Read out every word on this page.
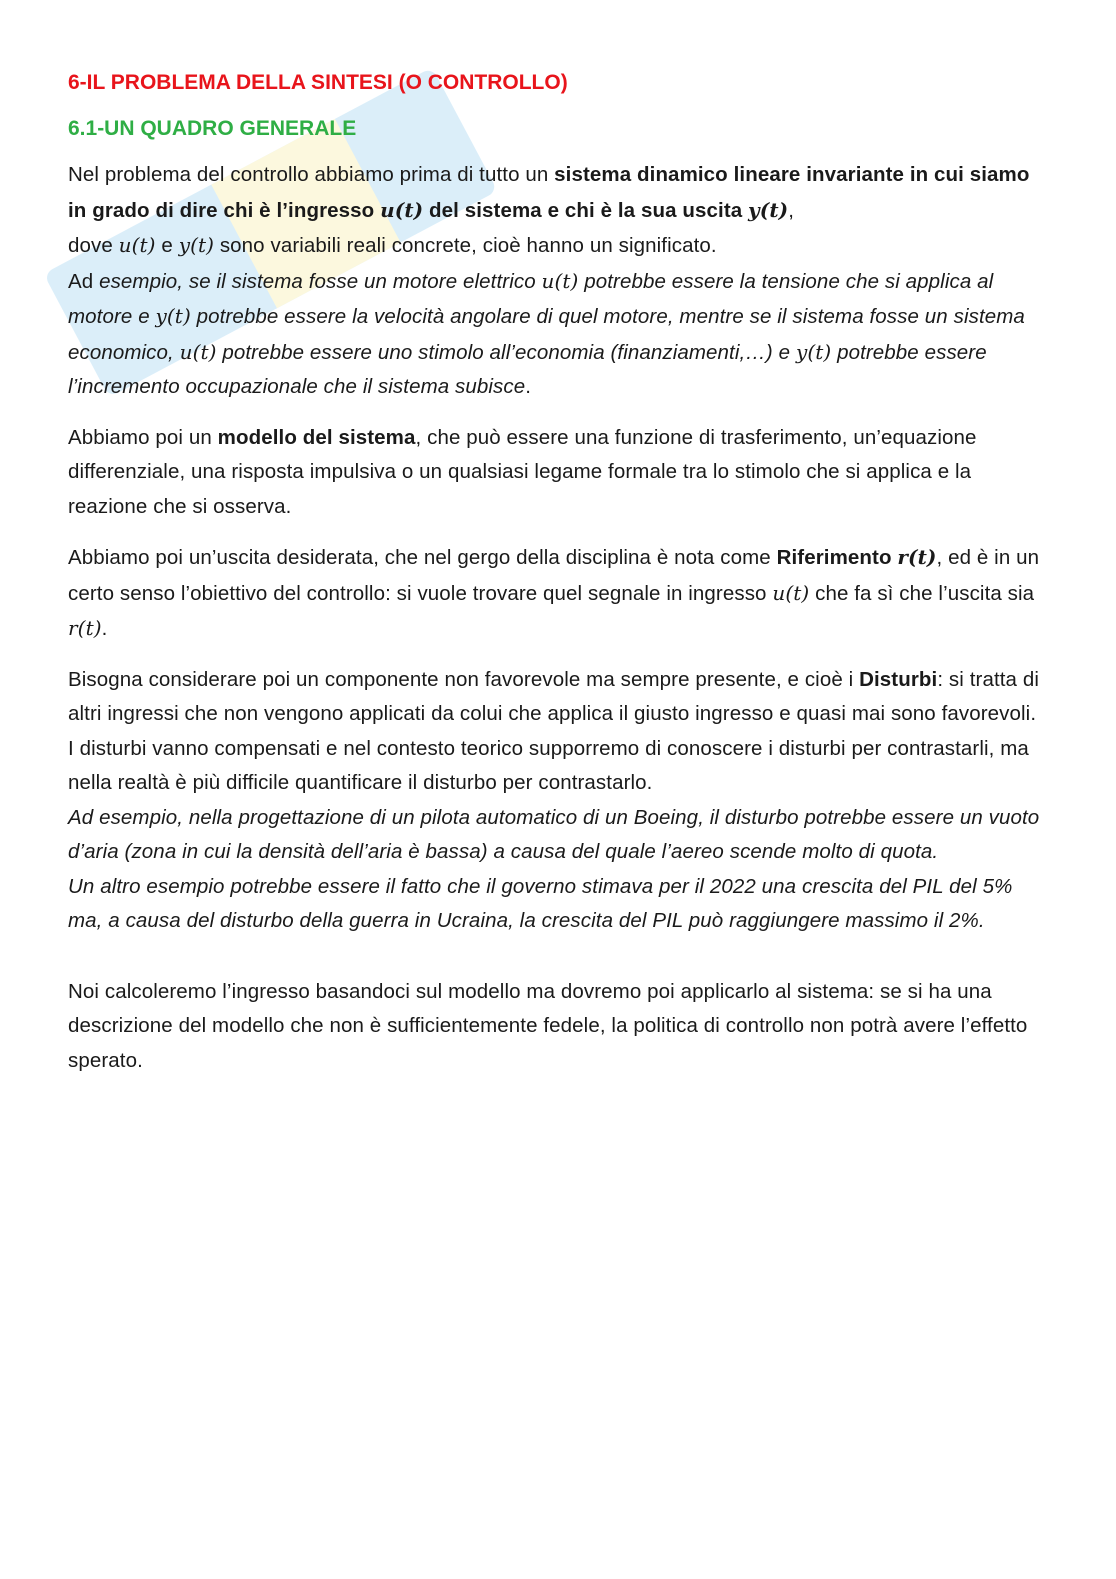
6-IL PROBLEMA DELLA SINTESI (O CONTROLLO)
6.1-UN QUADRO GENERALE

Nel problema del controllo abbiamo prima di tutto un sistema dinamico lineare invariante in cui siamo in grado di dire chi è l’ingresso u(t) del sistema e chi è la sua uscita y(t),
dove u(t) e y(t) sono variabili reali concrete, cioè hanno un significato.
Ad esempio, se il sistema fosse un motore elettrico u(t) potrebbe essere la tensione che si applica al motore e y(t) potrebbe essere la velocità angolare di quel motore, mentre se il sistema fosse un sistema economico, u(t) potrebbe essere uno stimolo all’economia (finanziamenti,…) e y(t) potrebbe essere l’incremento occupazionale che il sistema subisce.

Abbiamo poi un modello del sistema, che può essere una funzione di trasferimento, un’equazione differenziale, una risposta impulsiva o un qualsiasi legame formale tra lo stimolo che si applica e la reazione che si osserva.

Abbiamo poi un’uscita desiderata, che nel gergo della disciplina è nota come Riferimento r(t), ed è in un certo senso l’obiettivo del controllo: si vuole trovare quel segnale in ingresso u(t) che fa sì che l’uscita sia r(t).

Bisogna considerare poi un componente non favorevole ma sempre presente, e cioè i Disturbi: si tratta di altri ingressi che non vengono applicati da colui che applica il giusto ingresso e quasi mai sono favorevoli. I disturbi vanno compensati e nel contesto teorico supporremo di conoscere i disturbi per contrastarli, ma nella realtà è più difficile quantificare il disturbo per contrastarlo.
Ad esempio, nella progettazione di un pilota automatico di un Boeing, il disturbo potrebbe essere un vuoto d’aria (zona in cui la densità dell’aria è bassa) a causa del quale l’aereo scende molto di quota.
Un altro esempio potrebbe essere il fatto che il governo stimava per il 2022 una crescita del PIL del 5% ma, a causa del disturbo della guerra in Ucraina, la crescita del PIL può raggiungere massimo il 2%.

Noi calcoleremo l’ingresso basandoci sul modello ma dovremo poi applicarlo al sistema: se si ha una descrizione del modello che non è sufficientemente fedele, la politica di controllo non potrà avere l’effetto sperato.
